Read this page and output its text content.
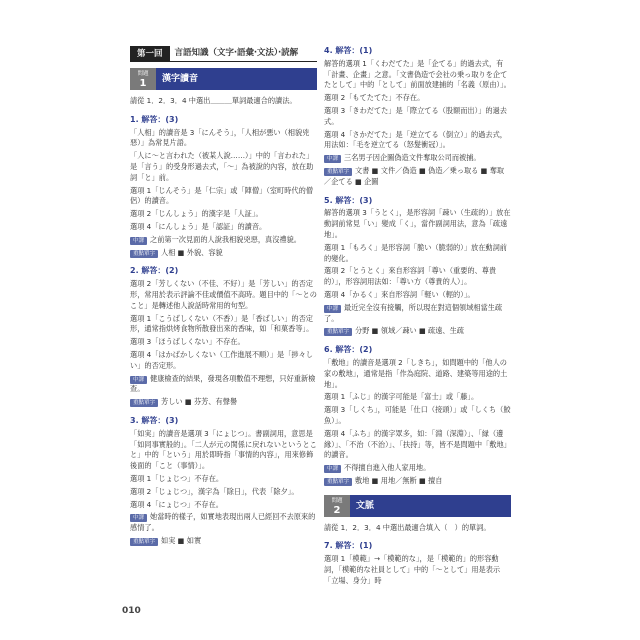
第一回	言語知識（文字‧語彙‧文法）‧読解
問題
1	漢字讀音
請從 1．2．3．4 中選出＿＿＿單詞最適合的讀法。
1. 解答：(3)
「人相」的讀音是 3「にんそう」，「人相が悪い（相貌兇惡）」為常見片語。
「人に～と言われた（被某人說……）」中的「言われた」是「言う」的受身形過去式，「～」為被說的內容，放在助詞「と」前。
選項 1「じんそう」是「仁宗」或「陣僧」（室町時代的僧侶）的讀音。
選項 2「じんしょう」的漢字是「人証」。
選項 4「にんしょう」是「認証」的讀音。
中譯 之前第一次見面的人說我相貌兇惡，真沒禮貌。
重點單字 人相 ■ 外貌、容貌
2. 解答：(2)
選項 2「芳しくない（不佳、不好）」是「芳しい」的否定形，常用於表示評論不佳或價值不高時。題目中的「～とのこと」是轉述他人說話時常用的句型。
選項 1「こうばしくない（不香）」是「香ばしい」的否定形，通常指烘烤食物所散發出來的香味，如「和菓香等」。
選項 3「ほうばしくない」不存在。
選項 4「はかばかしくない（工作進展不順）」是「捗々しい」的否定形。
中譯 健康檢查的結果，發現各項數值不理想，只好重新檢查。
重點單字 芳しい ■ 芬芳、有聲譽
3. 解答：(3)
「如実」的讀音是選項 3「にょじつ」。書副詞用，意思是「如同事實般的」。「二人が元の関係に戻れないというとこと」中的「という」用於即時指「事情的內容」，用來修飾後面的「こと（事情）」。
選項 1「じょじつ」不存在。
選項 2「じょじつ」，漢字為「除日」，代表「除夕」。
選項 4「にょじつ」不存在。
中譯 她當時的樣子，如實地表現出兩人已經回不去原來的感情了。
重點單字 如実 ■ 如實
4. 解答：(1)
解答的選項 1「くわだてた」是「企てる」的過去式，有「計畫、企畫」之意。「文書偽造で会社の乗っ取りを企てたとして」中的「として」前面放建捕的「名義（原由）」。
選項 2「もてたてた」不存在。
選項 3「きわだてた」是「際立てる（股額而出）」的過去式。
選項 4「さかだてた」是「逆立てる（倒立）」的過去式，用法如：「毛を逆立てる（怒髮衝冠）」。
中譯 三名男子因企圖偽造文件奪取公司而被捕。
重點單字 文書 ■ 文件／偽造 ■ 偽造／乗っ取る ■ 奪取／企てる ■ 企圖
5. 解答：(3)
解答的選項 3「うとく」，是形容詞「疎い（生疏的）」放在動詞前常見「い」變成「く」，當作副詞用法，意為「疏遠地」。
選項 1「もろく」是形容詞「脆い（脆弱的）」放在動詞前的變化。
選項 2「とうとく」來自形容詞「尊い（重要的、尊貴的）」，形容詞用法如：「尊い方（尊貴的人）」。
選項 4「かるく」來自形容詞「軽い（輕的）」。
中譯 最近完全沒有接觸，所以現在對這個領域相當生疏了。
重點單字 分野 ■ 領域／疎い ■ 疏遠、生疏
6. 解答：(2)
「敷地」的讀音是選項 2「しきち」，如問題中的「他人の家の敷地」，通常是指「作為庭院、道路、建築等用途的土地」。
選項 1「ふじ」的漢字可能是「富士」或「藤」。
選項 3「しくち」，可能是「仕口（接頭）」或「しくち（鮫魚）」。
選項 4「ふち」的漢字眾多，如：「淵（深淵）」、「縁（邊緣）」、「不治（不治）」、「扶持」等，皆不是問題中「敷地」的讀音。
中譯 不得擅自進入他人家用地。
重點單字 敷地 ■ 用地／無断 ■ 擅自
問題
2	文脈
請從 1．2．3．4 中選出最適合填入（　）的單詞。
7. 解答：(1)
選項 1「模範」→「模範的な」，是「模範的」的形容動詞，「模範的な社員として」中的「～として」用是表示「立場、身分」時
010
